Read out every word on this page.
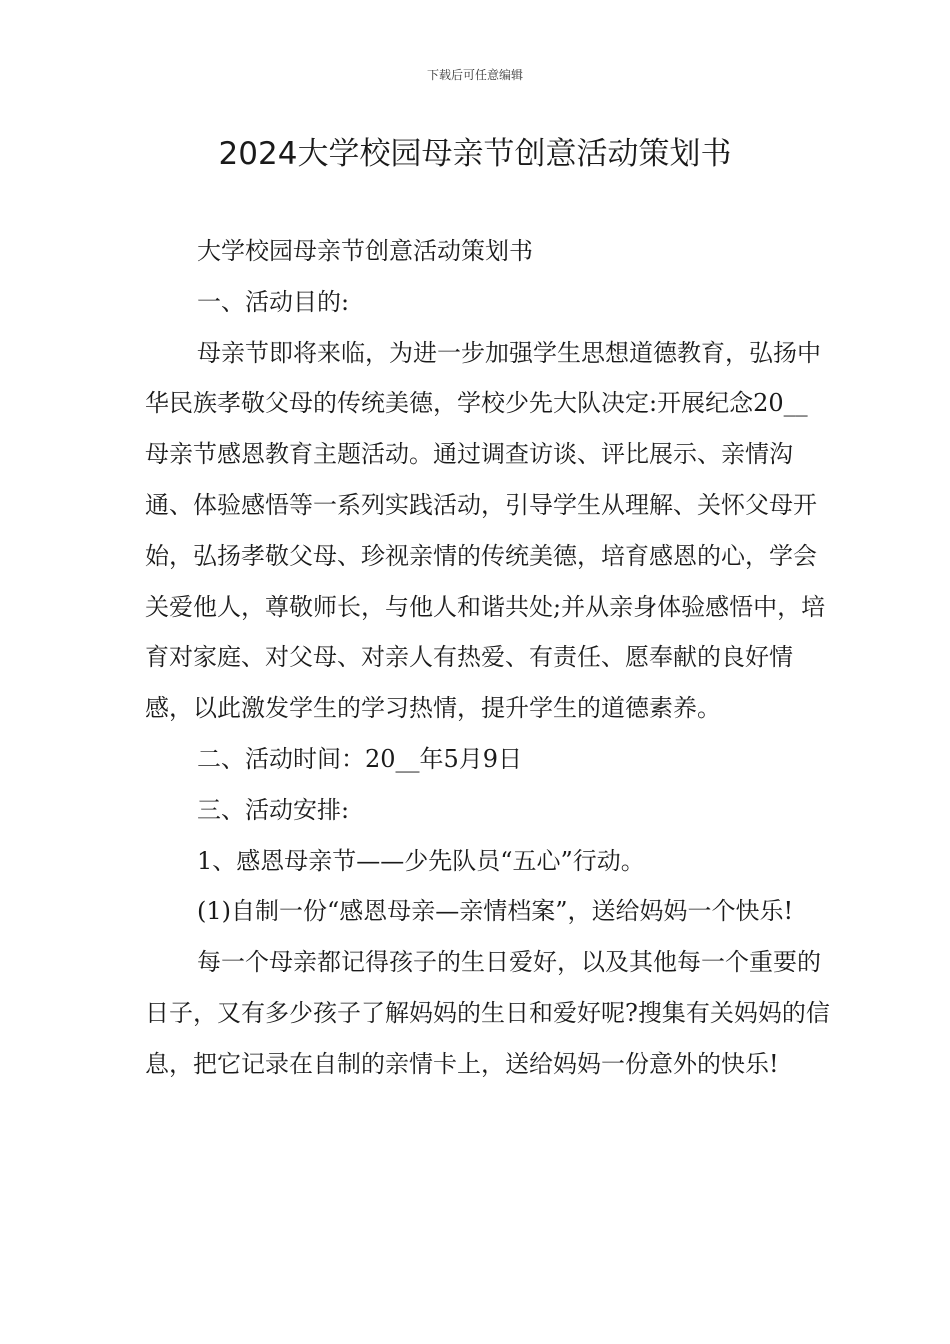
下载后可任意编辑
2024大学校园母亲节创意活动策划书

大学校园母亲节创意活动策划书

一、活动目的:

母亲节即将来临，为进一步加强学生思想道德教育，弘扬中华民族孝敬父母的传统美德，学校少先大队决定:开展纪念20__母亲节感恩教育主题活动。通过调查访谈、评比展示、亲情沟通、体验感悟等一系列实践活动，引导学生从理解、关怀父母开始，弘扬孝敬父母、珍视亲情的传统美德，培育感恩的心，学会关爱他人，尊敬师长，与他人和谐共处;并从亲身体验感悟中，培育对家庭、对父母、对亲人有热爱、有责任、愿奉献的良好情感，以此激发学生的学习热情，提升学生的道德素养。

二、活动时间：20__年5月9日

三、活动安排:

1、感恩母亲节——少先队员“五心”行动。

(1)自制一份“感恩母亲—亲情档案”，送给妈妈一个快乐!

每一个母亲都记得孩子的生日爱好，以及其他每一个重要的日子，又有多少孩子了解妈妈的生日和爱好呢?搜集有关妈妈的信息，把它记录在自制的亲情卡上，送给妈妈一份意外的快乐!
